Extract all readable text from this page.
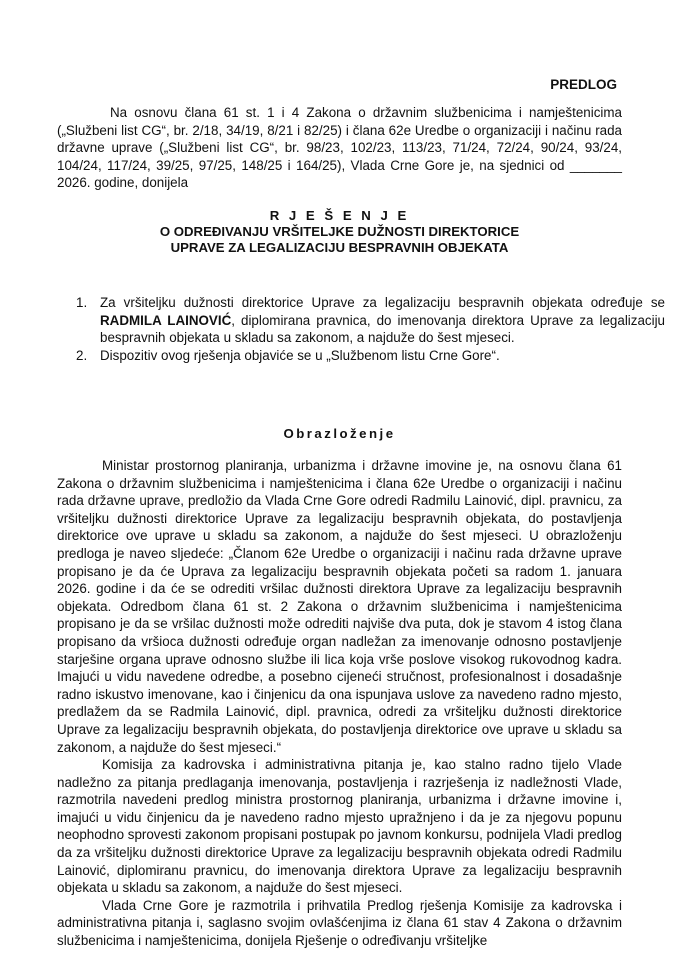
PREDLOG
Na osnovu člana 61 st. 1 i 4 Zakona o državnim službenicima i namještenicima („Službeni list CG“, br. 2/18, 34/19, 8/21 i 82/25) i člana 62e Uredbe o organizaciji i načinu rada državne uprave („Službeni list CG“, br. 98/23, 102/23, 113/23, 71/24, 72/24, 90/24, 93/24, 104/24, 117/24, 39/25, 97/25, 148/25 i 164/25), Vlada Crne Gore je, na sjednici od _______ 2026. godine, donijela
R J E Š E N J E
O ODREĐIVANJU VRŠITELJKE DUŽNOSTI DIREKTORICE
UPRAVE ZA LEGALIZACIJU BESPRAVNIH OBJEKATA
1. Za vršiteljku dužnosti direktorice Uprave za legalizaciju bespravnih objekata određuje se RADMILA LAINOVIĆ, diplomirana pravnica, do imenovanja direktora Uprave za legalizaciju bespravnih objekata u skladu sa zakonom, a najduže do šest mjeseci.
2. Dispozitiv ovog rješenja objaviće se u „Službenom listu Crne Gore“.
Obrazloženje

Ministar prostornog planiranja, urbanizma i državne imovine je, na osnovu člana 61 Zakona o državnim službenicima i namještenicima i člana 62e Uredbe o organizaciji i načinu rada državne uprave, predložio da Vlada Crne Gore odredi Radmilu Lainović, dipl. pravnicu, za vršiteljku dužnosti direktorice Uprave za legalizaciju bespravnih objekata, do postavljenja direktorice ove uprave u skladu sa zakonom, a najduže do šest mjeseci. U obrazloženju predloga je naveo sljedeće: „Članom 62e Uredbe o organizaciji i načinu rada državne uprave propisano je da će Uprava za legalizaciju bespravnih objekata početi sa radom 1. januara 2026. godine i da će se odrediti vršilac dužnosti direktora Uprave za legalizaciju bespravnih objekata. Odredbom člana 61 st. 2 Zakona o državnim službenicima i namještenicima propisano je da se vršilac dužnosti može odrediti najviše dva puta, dok je stavom 4 istog člana propisano da vršioca dužnosti određuje organ nadležan za imenovanje odnosno postavljenje starješine organa uprave odnosno službe ili lica koja vrše poslove visokog rukovodnog kadra. Imajući u vidu navedene odredbe, a posebno cijeneći stručnost, profesionalnost i dosadašnje radno iskustvo imenovane, kao i činjenicu da ona ispunjava uslove za navedeno radno mjesto, predlažem da se Radmila Lainović, dipl. pravnica, odredi za vršiteljku dužnosti direktorice Uprave za legalizaciju bespravnih objekata, do postavljenja direktorice ove uprave u skladu sa zakonom, a najduže do šest mjeseci.“

Komisija za kadrovska i administrativna pitanja je, kao stalno radno tijelo Vlade nadležno za pitanja predlaganja imenovanja, postavljenja i razrješenja iz nadležnosti Vlade, razmotrila navedeni predlog ministra prostornog planiranja, urbanizma i državne imovine i, imajući u vidu činjenicu da je navedeno radno mjesto upražnjeno i da je za njegovu popunu neophodno sprovesti zakonom propisani postupak po javnom konkursu, podnijela Vladi predlog da za vršiteljku dužnosti direktorice Uprave za legalizaciju bespravnih objekata odredi Radmilu Lainović, diplomiranu pravnicu, do imenovanja direktora Uprave za legalizaciju bespravnih objekata u skladu sa zakonom, a najduže do šest mjeseci.

Vlada Crne Gore je razmotrila i prihvatila Predlog rješenja Komisije za kadrovska i administrativna pitanja i, saglasno svojim ovlašćenjima iz člana 61 stav 4 Zakona o državnim službenicima i namještenicima, donijela Rješenje o određivanju vršiteljke
